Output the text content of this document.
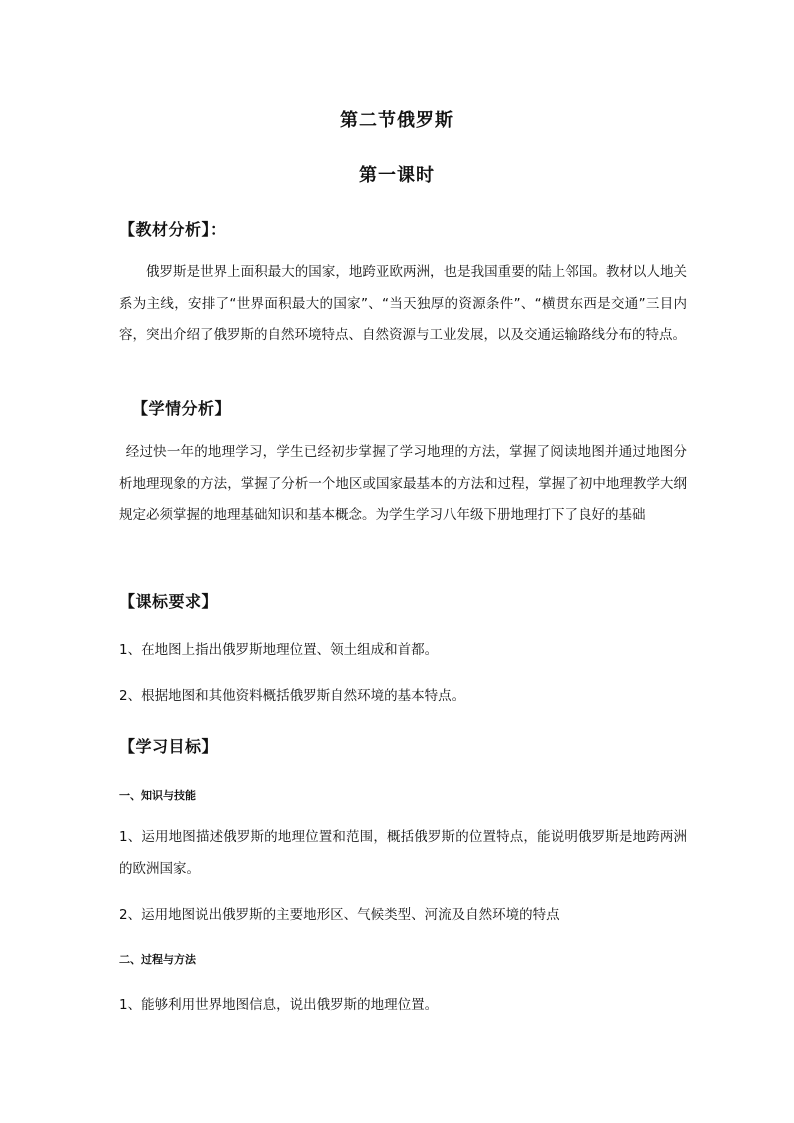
第二节俄罗斯
第一课时
【教材分析】：

俄罗斯是世界上面积最大的国家，地跨亚欧两洲，也是我国重要的陆上邻国。教材以人地关系为主线，安排了“世界面积最大的国家”、“当天独厚的资源条件”、“横贯东西是交通”三目内容，突出介绍了俄罗斯的自然环境特点、自然资源与工业发展，以及交通运输路线分布的特点。

【学情分析】

经过快一年的地理学习，学生已经初步掌握了学习地理的方法，掌握了阅读地图并通过地图分析地理现象的方法，掌握了分析一个地区或国家最基本的方法和过程，掌握了初中地理教学大纲规定必须掌握的地理基础知识和基本概念。为学生学习八年级下册地理打下了良好的基础

【课标要求】

1、在地图上指出俄罗斯地理位置、领土组成和首都。

2、根据地图和其他资料概括俄罗斯自然环境的基本特点。

【学习目标】
一、知识与技能

1、运用地图描述俄罗斯的地理位置和范围，概括俄罗斯的位置特点，能说明俄罗斯是地跨两洲的欧洲国家。

2、运用地图说出俄罗斯的主要地形区、气候类型、河流及自然环境的特点

二、过程与方法

1、能够利用世界地图信息，说出俄罗斯的地理位置。
